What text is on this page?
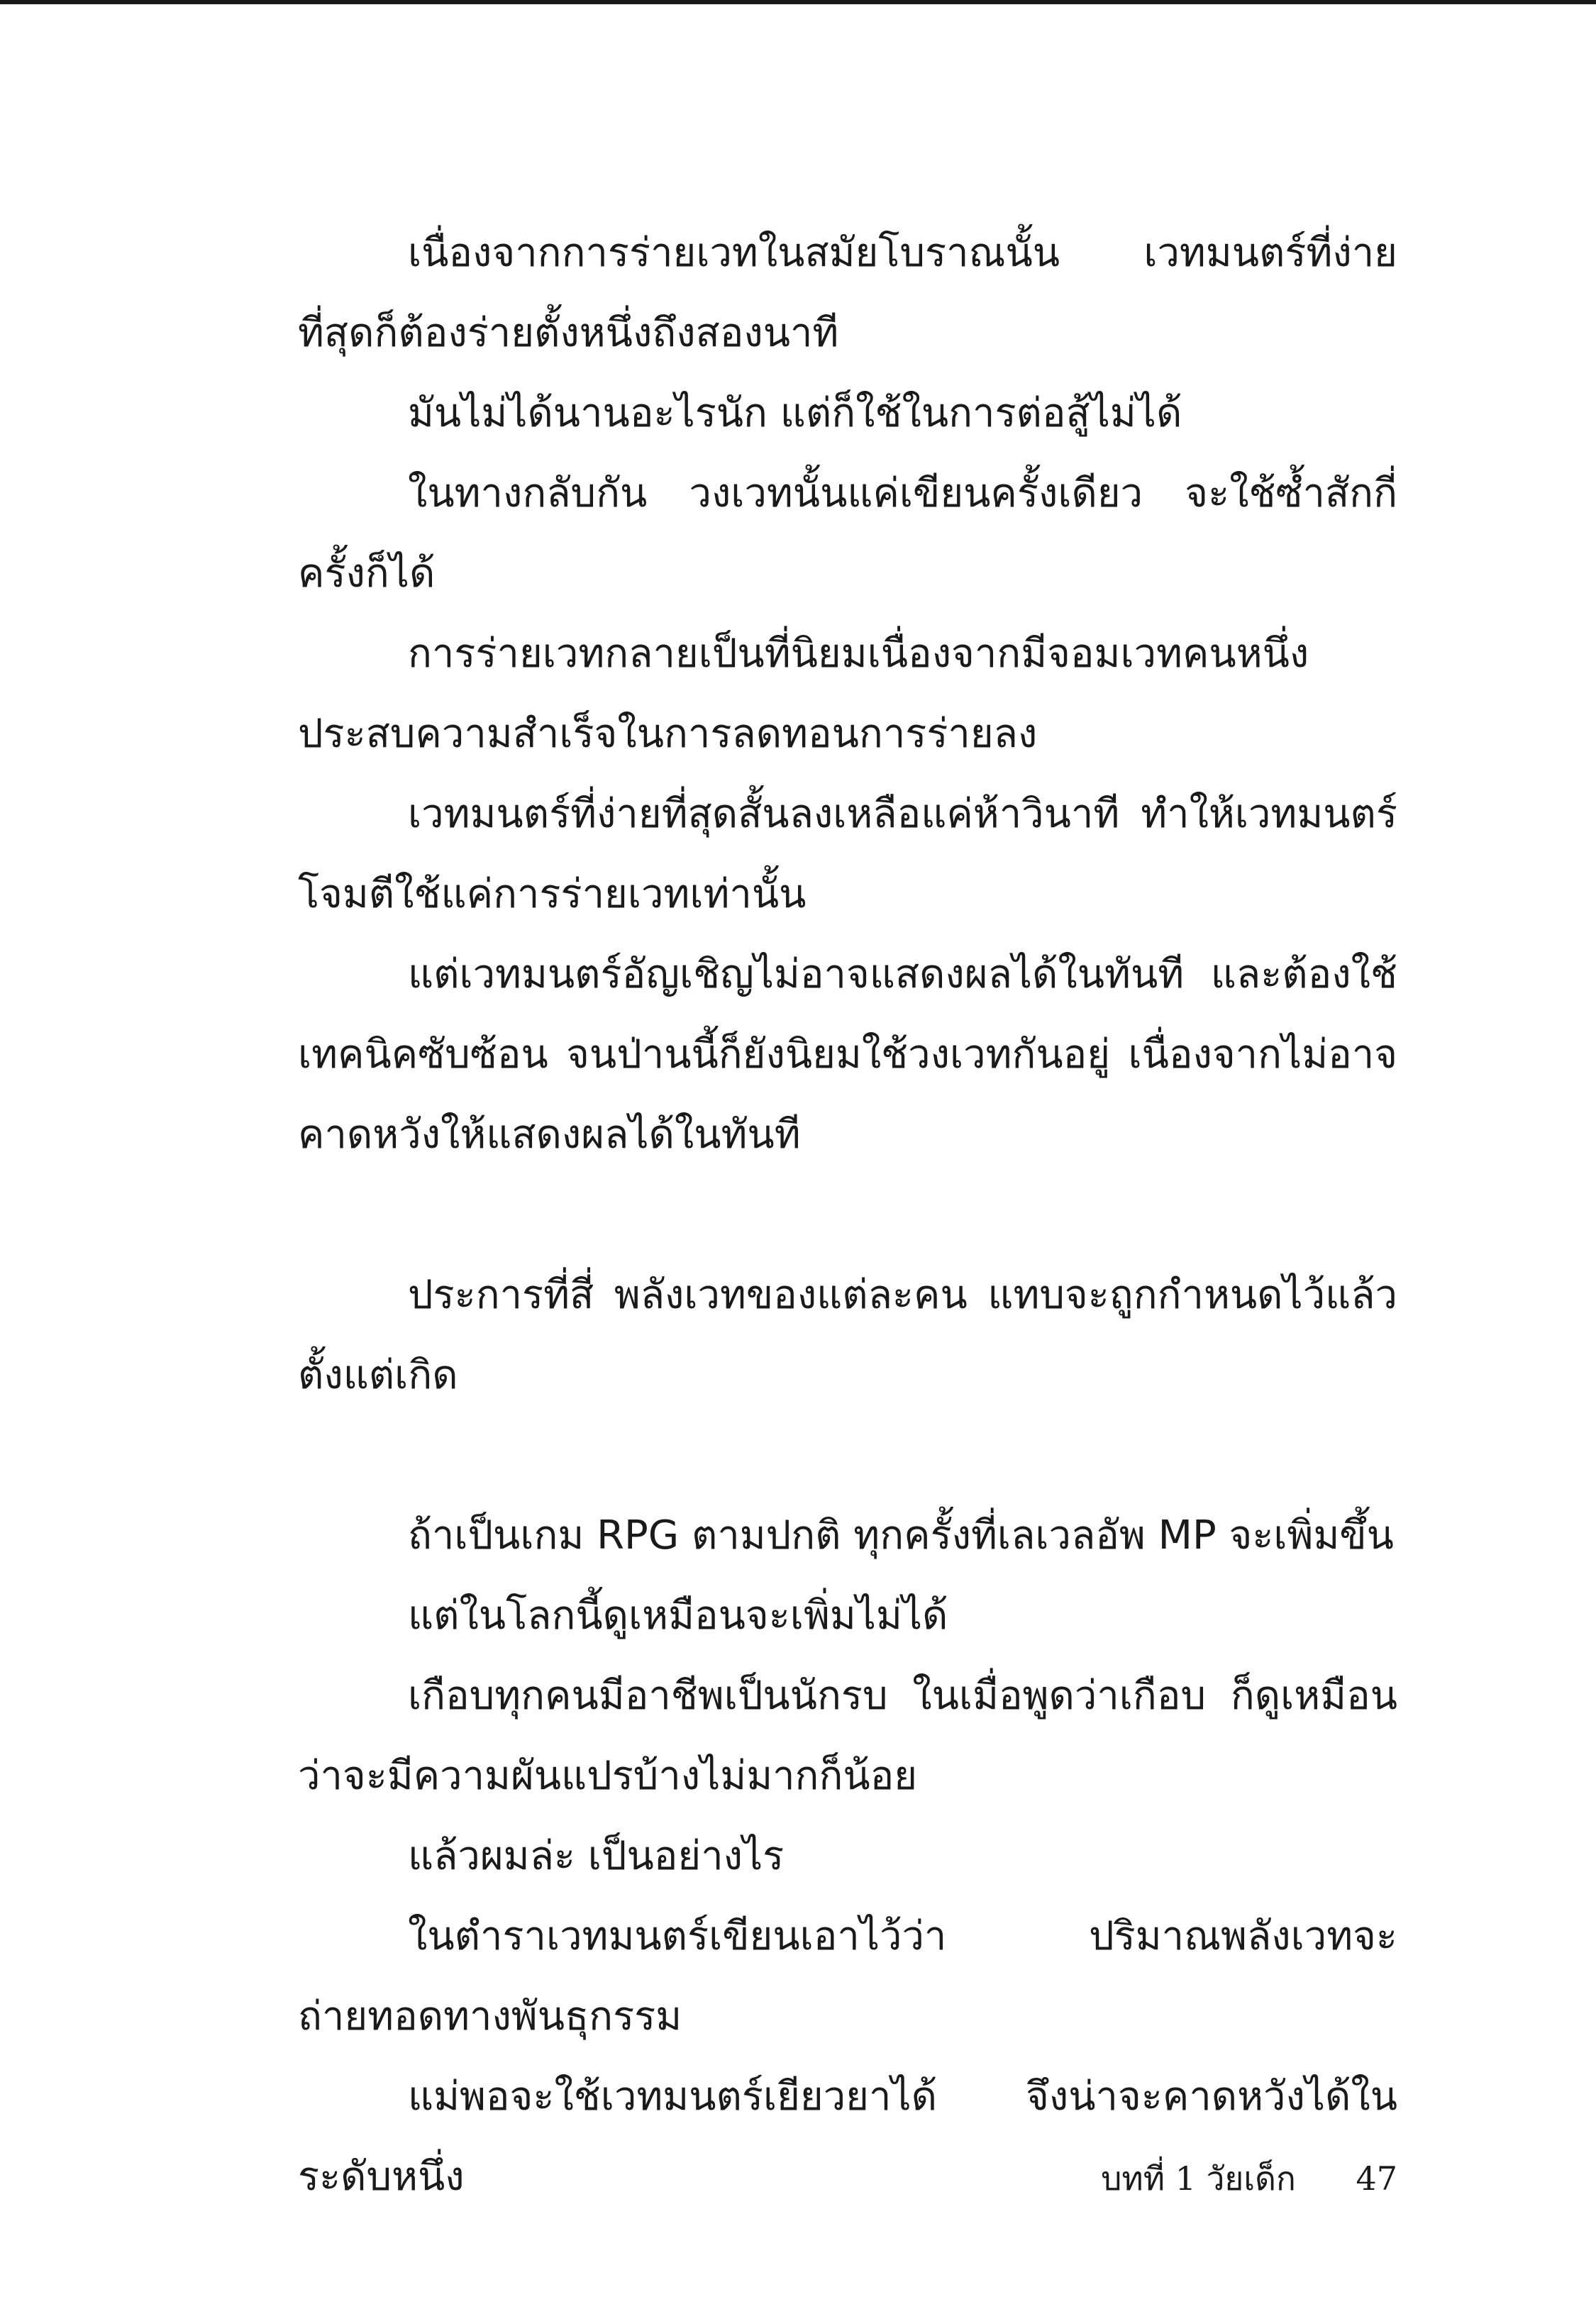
เนื่องจากการร่ายเวทในสมัยโบราณนั้น เวทมนตร์ที่ง่ายที่สุดก็ต้องร่ายตั้งหนึ่งถึงสองนาที

มันไม่ได้นานอะไรนัก แต่ก็ใช้ในการต่อสู้ไม่ได้

ในทางกลับกัน วงเวทนั้นแค่เขียนครั้งเดียว จะใช้ซ้ำสักกี่ครั้งก็ได้

การร่ายเวทกลายเป็นที่นิยมเนื่องจากมีจอมเวทคนหนึ่งประสบความสำเร็จในการลดทอนการร่ายลง

เวทมนตร์ที่ง่ายที่สุดสั้นลงเหลือแค่ห้าวินาที ทำให้เวทมนตร์โจมตีใช้แค่การร่ายเวทเท่านั้น

แต่เวทมนตร์อัญเชิญไม่อาจแสดงผลได้ในทันที และต้องใช้เทคนิคซับซ้อน จนป่านนี้ก็ยังนิยมใช้วงเวทกันอยู่ เนื่องจากไม่อาจคาดหวังให้แสดงผลได้ในทันที

ประการที่สี่ พลังเวทของแต่ละคน แทบจะถูกกำหนดไว้แล้วตั้งแต่เกิด

ถ้าเป็นเกม RPG ตามปกติ ทุกครั้งที่เลเวลอัพ MP จะเพิ่มขึ้น

แต่ในโลกนี้ดูเหมือนจะเพิ่มไม่ได้

เกือบทุกคนมีอาชีพเป็นนักรบ ในเมื่อพูดว่าเกือบ ก็ดูเหมือนว่าจะมีความผันแปรบ้างไม่มากก็น้อย

แล้วผมล่ะ เป็นอย่างไร

ในตำราเวทมนตร์เขียนเอาไว้ว่า ปริมาณพลังเวทจะถ่ายทอดทางพันธุกรรม

แม่พอจะใช้เวทมนตร์เยียวยาได้ จึงน่าจะคาดหวังได้ในระดับหนึ่ง	บทที่ 1 วัยเด็ก 47
